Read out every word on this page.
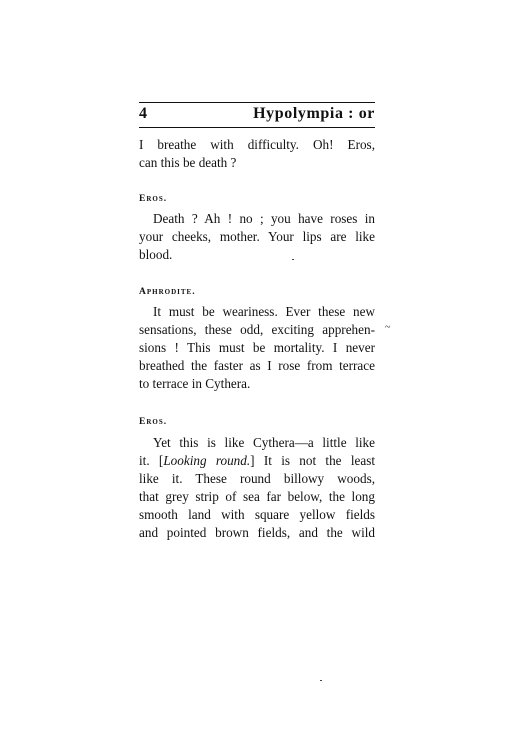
4	Hypolympia : or
I breathe with difficulty. Oh! Eros,
can this be death ?
Eros.
Death ? Ah ! no ; you have roses in
your cheeks, mother. Your lips are like
blood.
Aphrodite.
It must be weariness. Ever these new
sensations, these odd, exciting apprehen-
sions ! This must be mortality. I never
breathed the faster as I rose from terrace
to terrace in Cythera.
Eros.
Yet this is like Cythera—a little like
it. [Looking round.] It is not the least
like it. These round billowy woods,
that grey strip of sea far below, the long
smooth land with square yellow fields
and pointed brown fields, and the wild
~
